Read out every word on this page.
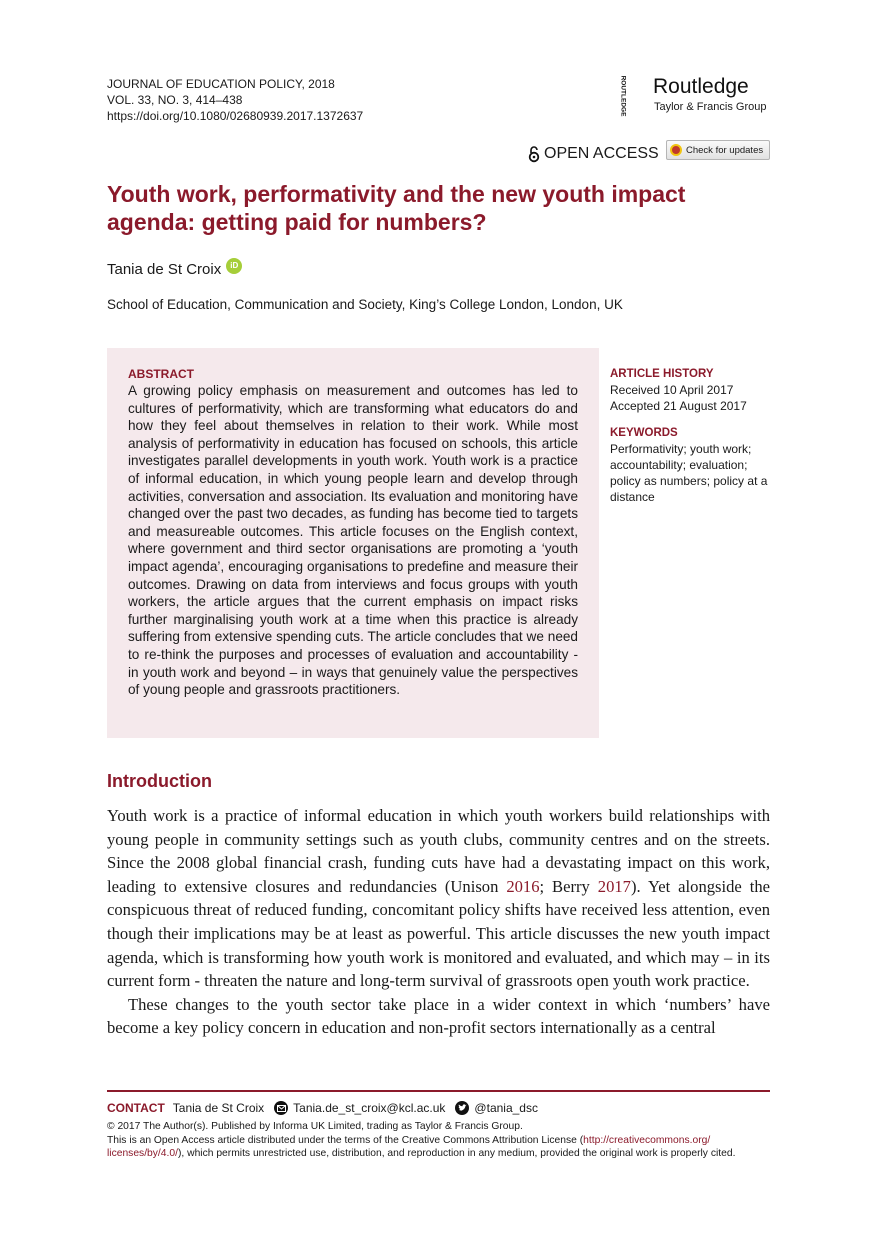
JOURNAL OF EDUCATION POLICY, 2018
VOL. 33, NO. 3, 414–438
https://doi.org/10.1080/02680939.2017.1372637	ROUTLEDGE Routledge
Taylor & Francis Group
OPEN ACCESS	Check for updates
Youth work, performativity and the new youth impact agenda: getting paid for numbers?
Tania de St Croix	iD
School of Education, Communication and Society, King’s College London, London, UK
ABSTRACT

A growing policy emphasis on measurement and outcomes has led to cultures of performativity, which are transforming what educators do and how they feel about themselves in relation to their work. While most analysis of performativity in education has focused on schools, this article investigates parallel developments in youth work. Youth work is a practice of informal education, in which young people learn and develop through activities, conversation and association. Its evaluation and monitoring have changed over the past two decades, as funding has become tied to targets and measureable outcomes. This article focuses on the English context, where government and third sector organisations are promoting a ‘youth impact agenda’, encouraging organisations to predefine and measure their outcomes. Drawing on data from interviews and focus groups with youth workers, the article argues that the current emphasis on impact risks further marginalising youth work at a time when this practice is already suffering from extensive spending cuts. The article concludes that we need to re-think the purposes and processes of evaluation and accountability - in youth work and beyond – in ways that genuinely value the perspectives of young people and grassroots practitioners.

ARTICLE HISTORY
Received 10 April 2017
Accepted 21 August 2017
KEYWORDS
Performativity; youth work; accountability; evaluation; policy as numbers; policy at a distance
Introduction

Youth work is a practice of informal education in which youth workers build relationships with young people in community settings such as youth clubs, community centres and on the streets. Since the 2008 global financial crash, funding cuts have had a devastating impact on this work, leading to extensive closures and redundancies (Unison 2016; Berry 2017). Yet alongside the conspicuous threat of reduced funding, concomitant policy shifts have received less attention, even though their implications may be at least as powerful. This article discusses the new youth impact agenda, which is transforming how youth work is monitored and evaluated, and which may – in its current form - threaten the nature and long-term survival of grassroots open youth work practice.

These changes to the youth sector take place in a wider context in which ‘numbers’ have become a key policy concern in education and non-profit sectors internationally as a central

CONTACT Tania de St Croix Tania.de_st_croix@kcl.ac.uk @tania_dsc
© 2017 The Author(s). Published by Informa UK Limited, trading as Taylor & Francis Group.
This is an Open Access article distributed under the terms of the Creative Commons Attribution License (http://creativecommons.org/
licenses/by/4.0/), which permits unrestricted use, distribution, and reproduction in any medium, provided the original work is properly cited.
